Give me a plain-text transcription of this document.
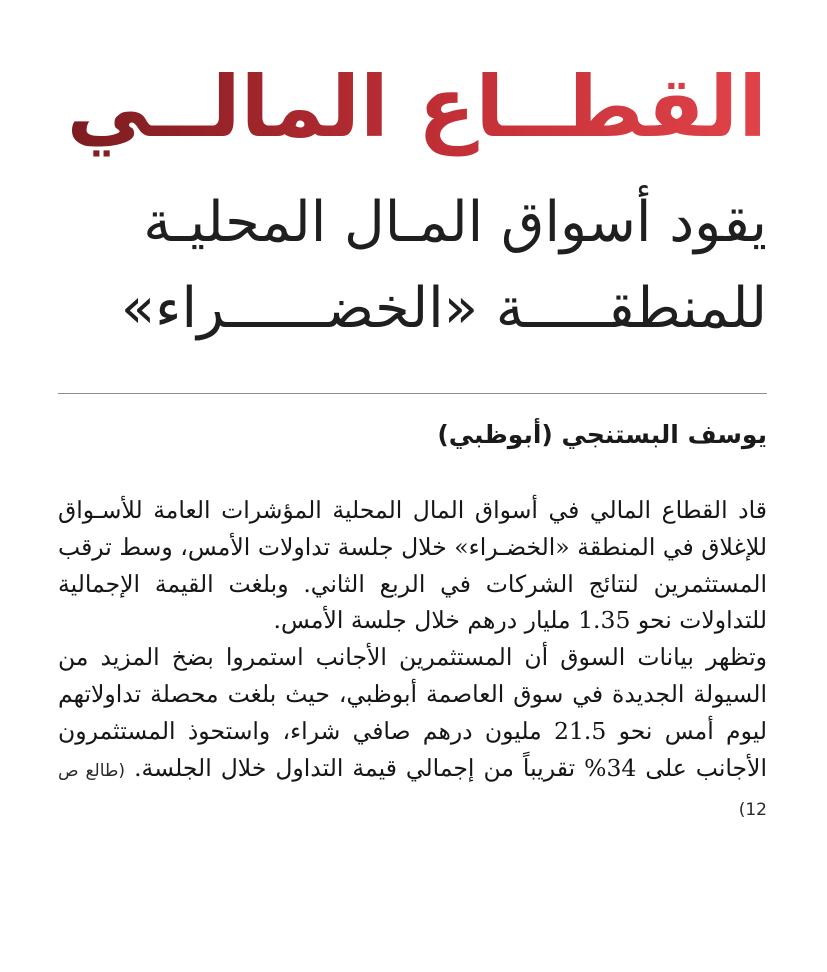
القطــاع المالــي
يقود أسواق المـال المحليـة
للمنطقـــــة «الخضــــــراء»
يوسف البستنجي (أبوظبي)

قاد القطاع المالي في أسواق المال المحلية المؤشرات العامة للأسـواق للإغلاق في المنطقة «الخضـراء» خلال جلسة تداولات الأمس، وسط ترقب المستثمرين لنتائج الشركات في الربع الثاني. وبلغت القيمة الإجمالية للتداولات نحو 1.35 مليار درهم خلال جلسة الأمس.

وتظهر بيانات السوق أن المستثمرين الأجانب استمروا بضخ المزيد من السيولة الجديدة في سوق العاصمة أبوظبي، حيث بلغت محصلة تداولاتهم ليوم أمس نحو 21.5 مليون درهم صافي شراء، واستحوذ المستثمرون الأجانب على 34% تقريباً من إجمالي قيمة التداول خلال الجلسة. (طالع ص 12)
